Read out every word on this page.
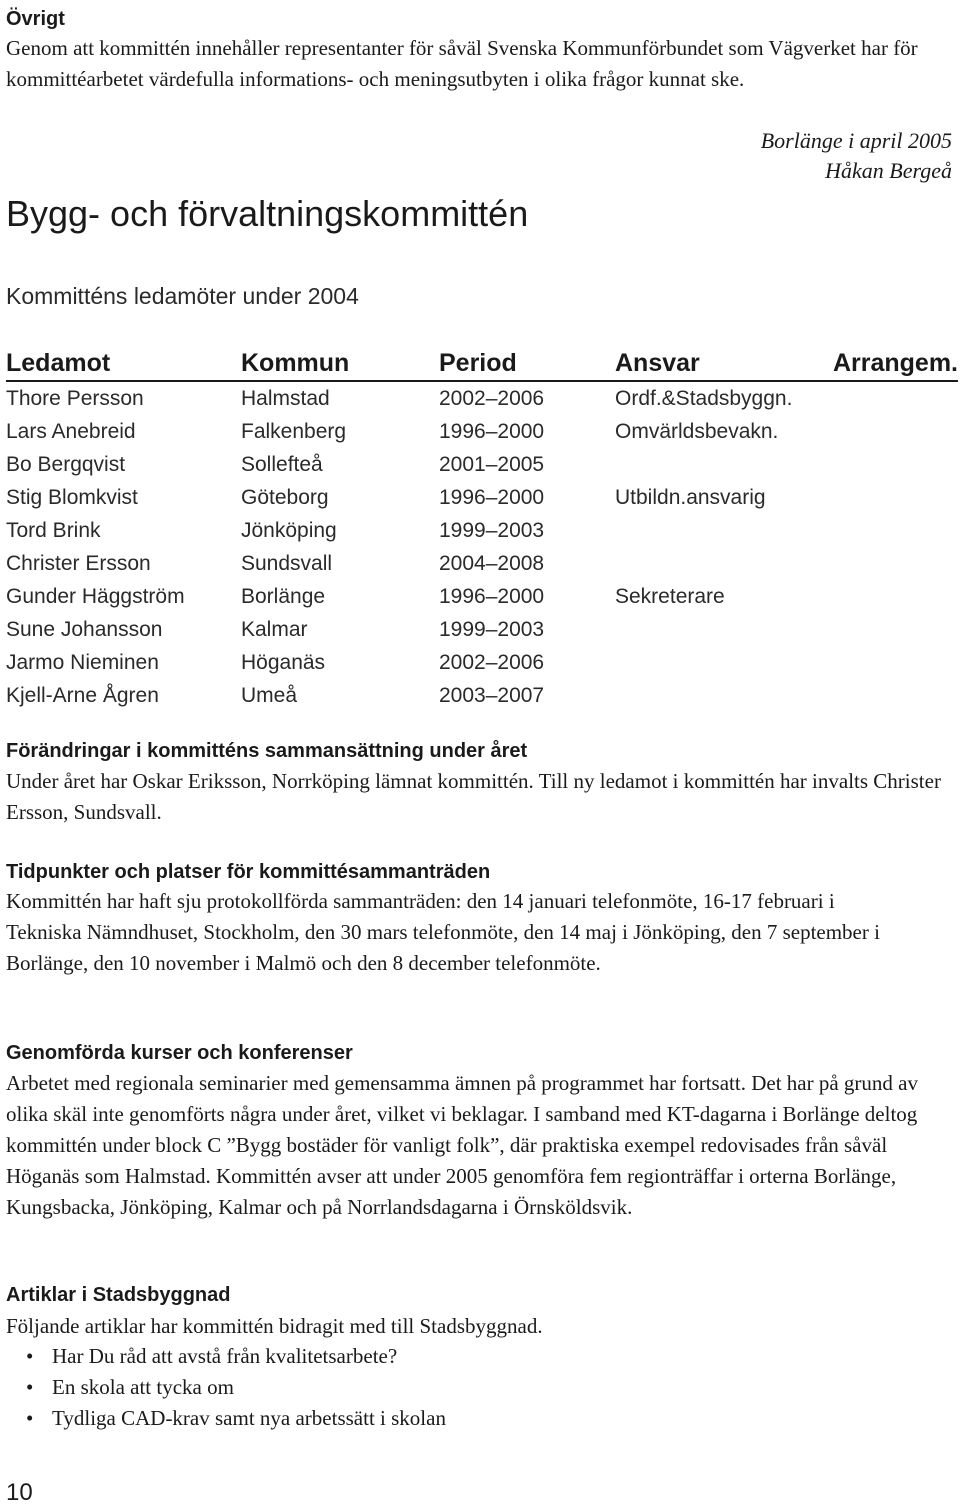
Övrigt

Genom att kommittén innehåller representanter för såväl Svenska Kommunförbundet som Vägverket har för kommittéarbetet värdefulla informations- och meningsutbyten i olika frågor kunnat ske.

Borlänge i april 2005
Håkan Bergeå
Bygg- och förvaltningskommittén
Kommitténs ledamöter under 2004
Ledamot	Kommun	Period	Ansvar	Arrangem.
Thore Persson	Halmstad	2002–2006	Ordf.&Stadsbyggn.	
Lars Anebreid	Falkenberg	1996–2000	Omvärldsbevakn.	
Bo Bergqvist	Sollefteå	2001–2005		
Stig Blomkvist	Göteborg	1996–2000	Utbildn.ansvarig	
Tord Brink	Jönköping	1999–2003		
Christer Ersson	Sundsvall	2004–2008		
Gunder Häggström	Borlänge	1996–2000	Sekreterare	
Sune Johansson	Kalmar	1999–2003		
Jarmo Nieminen	Höganäs	2002–2006		
Kjell-Arne Ågren	Umeå	2003–2007		
Förändringar i kommitténs sammansättning under året

Under året har Oskar Eriksson, Norrköping lämnat kommittén. Till ny ledamot i kommittén har invalts Christer Ersson, Sundsvall.

Tidpunkter och platser för kommittésammanträden

Kommittén har haft sju protokollförda sammanträden: den 14 januari telefonmöte, 16-17 februari i Tekniska Nämndhuset, Stockholm, den 30 mars telefonmöte, den 14 maj i Jönköping, den 7 september i Borlänge, den 10 november i Malmö och den 8 december telefonmöte.

Genomförda kurser och konferenser

Arbetet med regionala seminarier med gemensamma ämnen på programmet har fortsatt. Det har på grund av olika skäl inte genomförts några under året, vilket vi beklagar. I samband med KT-dagarna i Borlänge deltog kommittén under block C ”Bygg bostäder för vanligt folk”, där praktiska exempel redovisades från såväl Höganäs som Halmstad. Kommittén avser att under 2005 genomföra fem regionträffar i orterna Borlänge, Kungsbacka, Jönköping, Kalmar och på Norrlandsdagarna i Örnsköldsvik.

Artiklar i Stadsbyggnad

Följande artiklar har kommittén bidragit med till Stadsbyggnad.

• Har Du råd att avstå från kvalitetsarbete?
• En skola att tycka om
• Tydliga CAD-krav samt nya arbetssätt i skolan
10
